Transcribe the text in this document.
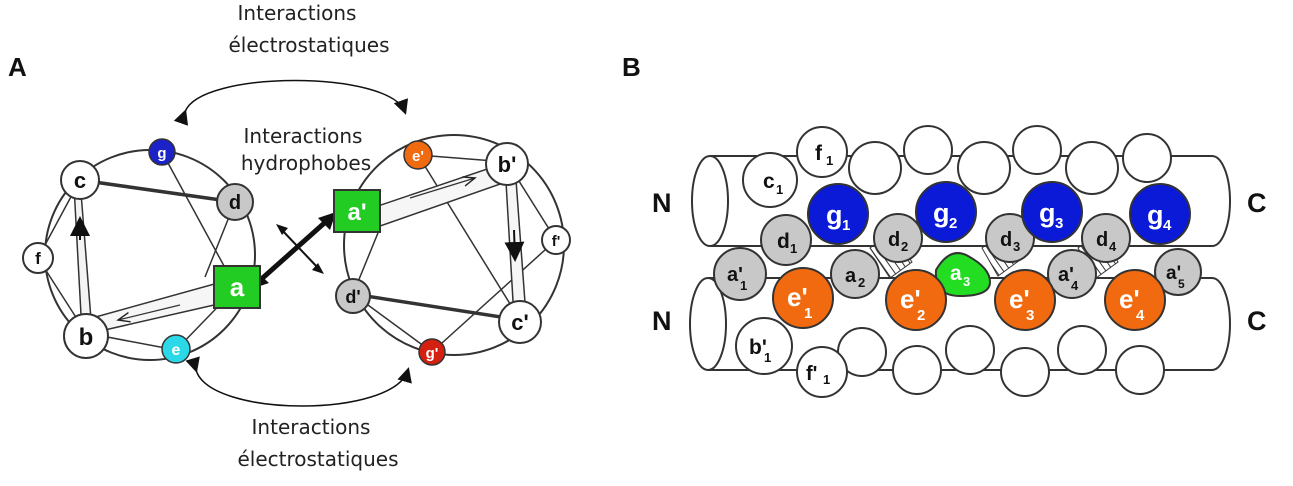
A
Interactions
électrostatiques
Interactions
hydrophobes
Interactions
électrostatiques
g
c
d
f
a
b	e
e'	b'
a'
f'
d'
c'
g'
B
N
N
C
C
c 1
f 1
d 1	d 2	d 3	d 4
g 1	g 2	g 3	g 4
a'
1	a 2	a 3	a'
4
a'
5
e'
1	e'
2
e'
3
e'
4
b'
1
f' 1
